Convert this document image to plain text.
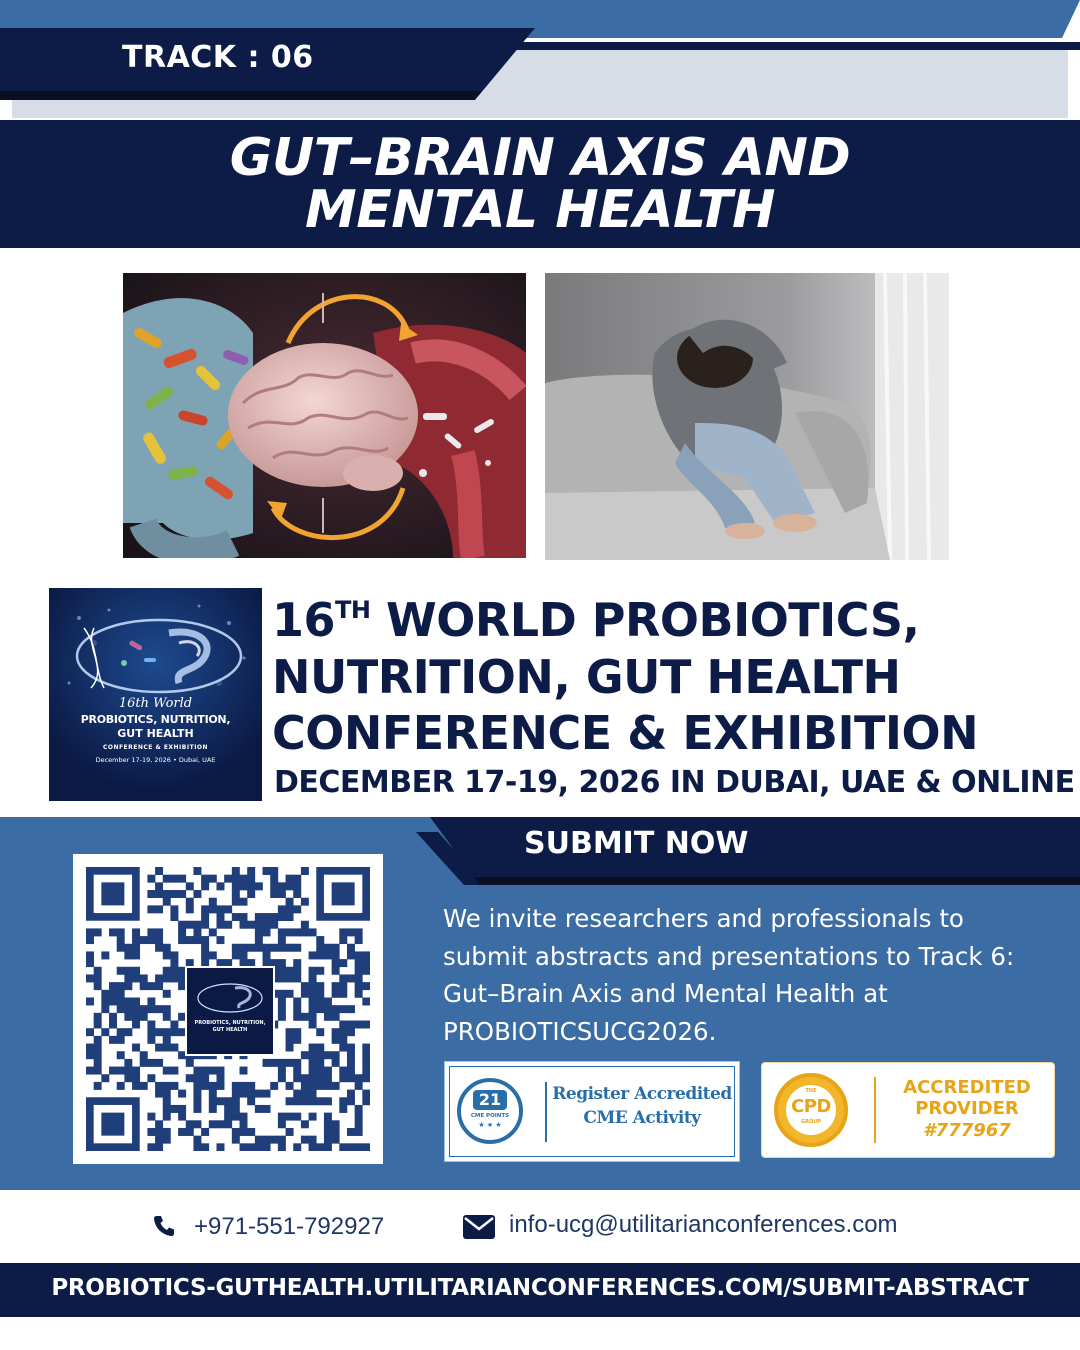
TRACK : 06
GUT–BRAIN AXIS AND
MENTAL HEALTH
16th World
PROBIOTICS, NUTRITION,
GUT HEALTH
CONFERENCE & EXHIBITION
December 17-19, 2026 • Dubai, UAE
16TH WORLD PROBIOTICS,
NUTRITION, GUT HEALTH
CONFERENCE & EXHIBITION
DECEMBER 17-19, 2026 IN DUBAI, UAE & ONLINE
SUBMIT NOW
We invite researchers and professionals to submit abstracts and presentations to Track 6: Gut–Brain Axis and Mental Health at PROBIOTICSUCG2026.
PROBIOTICS, NUTRITION,
GUT HEALTH
21
CME POINTS
★ ★ ★
Register Accredited
CME Activity
THE
CPD
GROUP
ACCREDITED
PROVIDER
#777967
+971-551-792927	info-ucg@utilitarianconferences.com
PROBIOTICS-GUTHEALTH.UTILITARIANCONFERENCES.COM/SUBMIT-ABSTRACT
